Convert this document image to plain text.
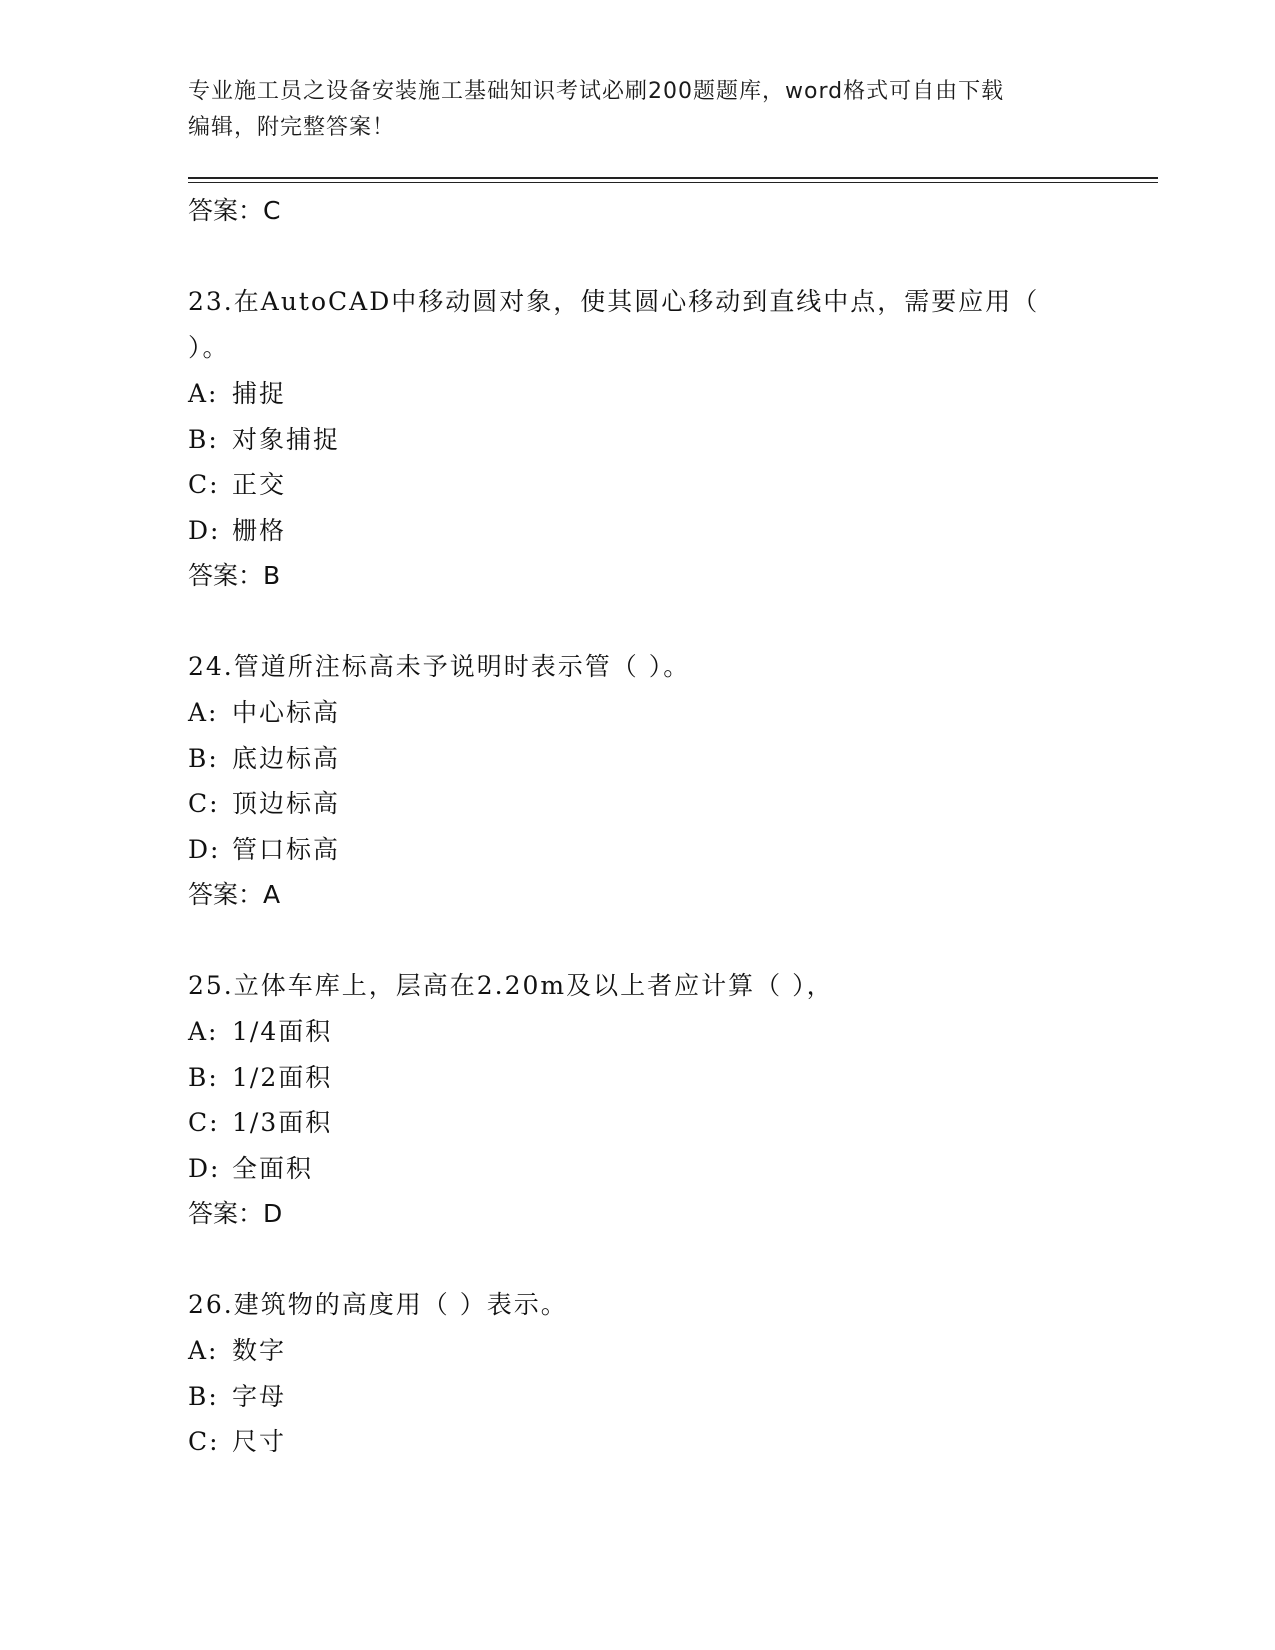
专业施工员之设备安装施工基础知识考试必刷200题题库，word格式可自由下载
编辑，附完整答案！
答案：C
23.在AutoCAD中移动圆对象，使其圆心移动到直线中点，需要应用（
）。
A: 捕捉
B: 对象捕捉
C: 正交
D: 栅格
答案：B
24.管道所注标高未予说明时表示管（ ）。
A: 中心标高
B: 底边标高
C: 顶边标高
D: 管口标高
答案：A
25.立体车库上，层高在2.20m及以上者应计算（ ），
A: 1/4面积
B: 1/2面积
C: 1/3面积
D: 全面积
答案：D
26.建筑物的高度用（ ）表示。
A: 数字
B: 字母
C: 尺寸
